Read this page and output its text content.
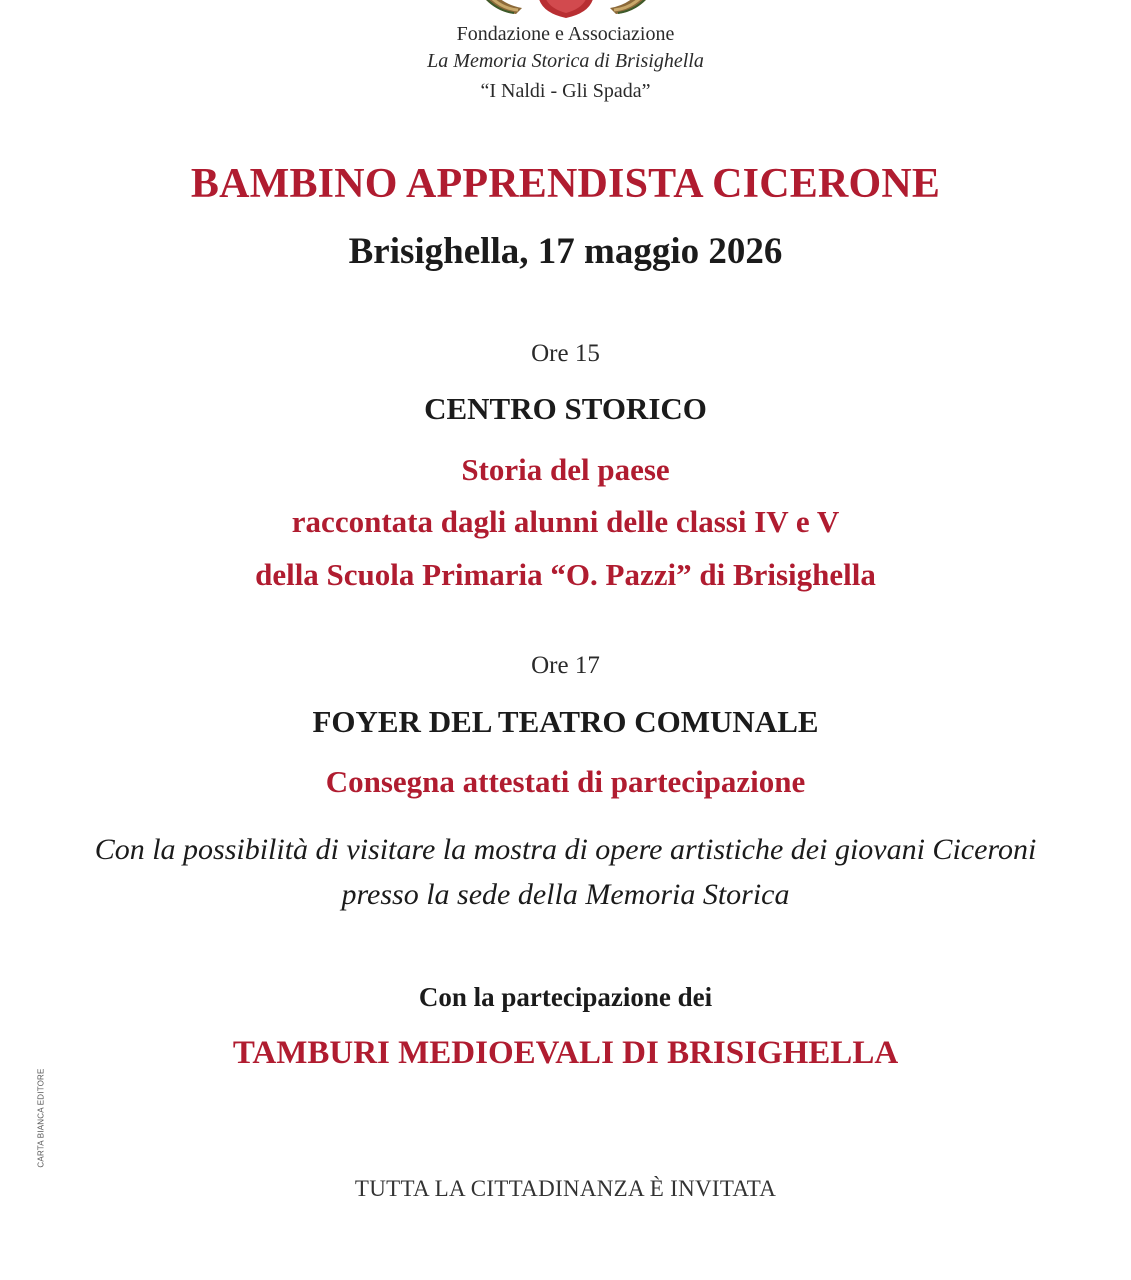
Fondazione e Associazione
La Memoria Storica di Brisighella
“I Naldi - Gli Spada”
BAMBINO APPRENDISTA CICERONE
Brisighella, 17 maggio 2026
Ore 15
CENTRO STORICO
Storia del paese
raccontata dagli alunni delle classi IV e V
della Scuola Primaria “O. Pazzi” di Brisighella
Ore 17
FOYER DEL TEATRO COMUNALE
Consegna attestati di partecipazione
Con la possibilità di visitare la mostra di opere artistiche dei giovani Ciceroni
presso la sede della Memoria Storica
Con la partecipazione dei
TAMBURI MEDIOEVALI DI BRISIGHELLA
TUTTA LA CITTADINANZA È INVITATA
CARTA BIANCA EDITORE
